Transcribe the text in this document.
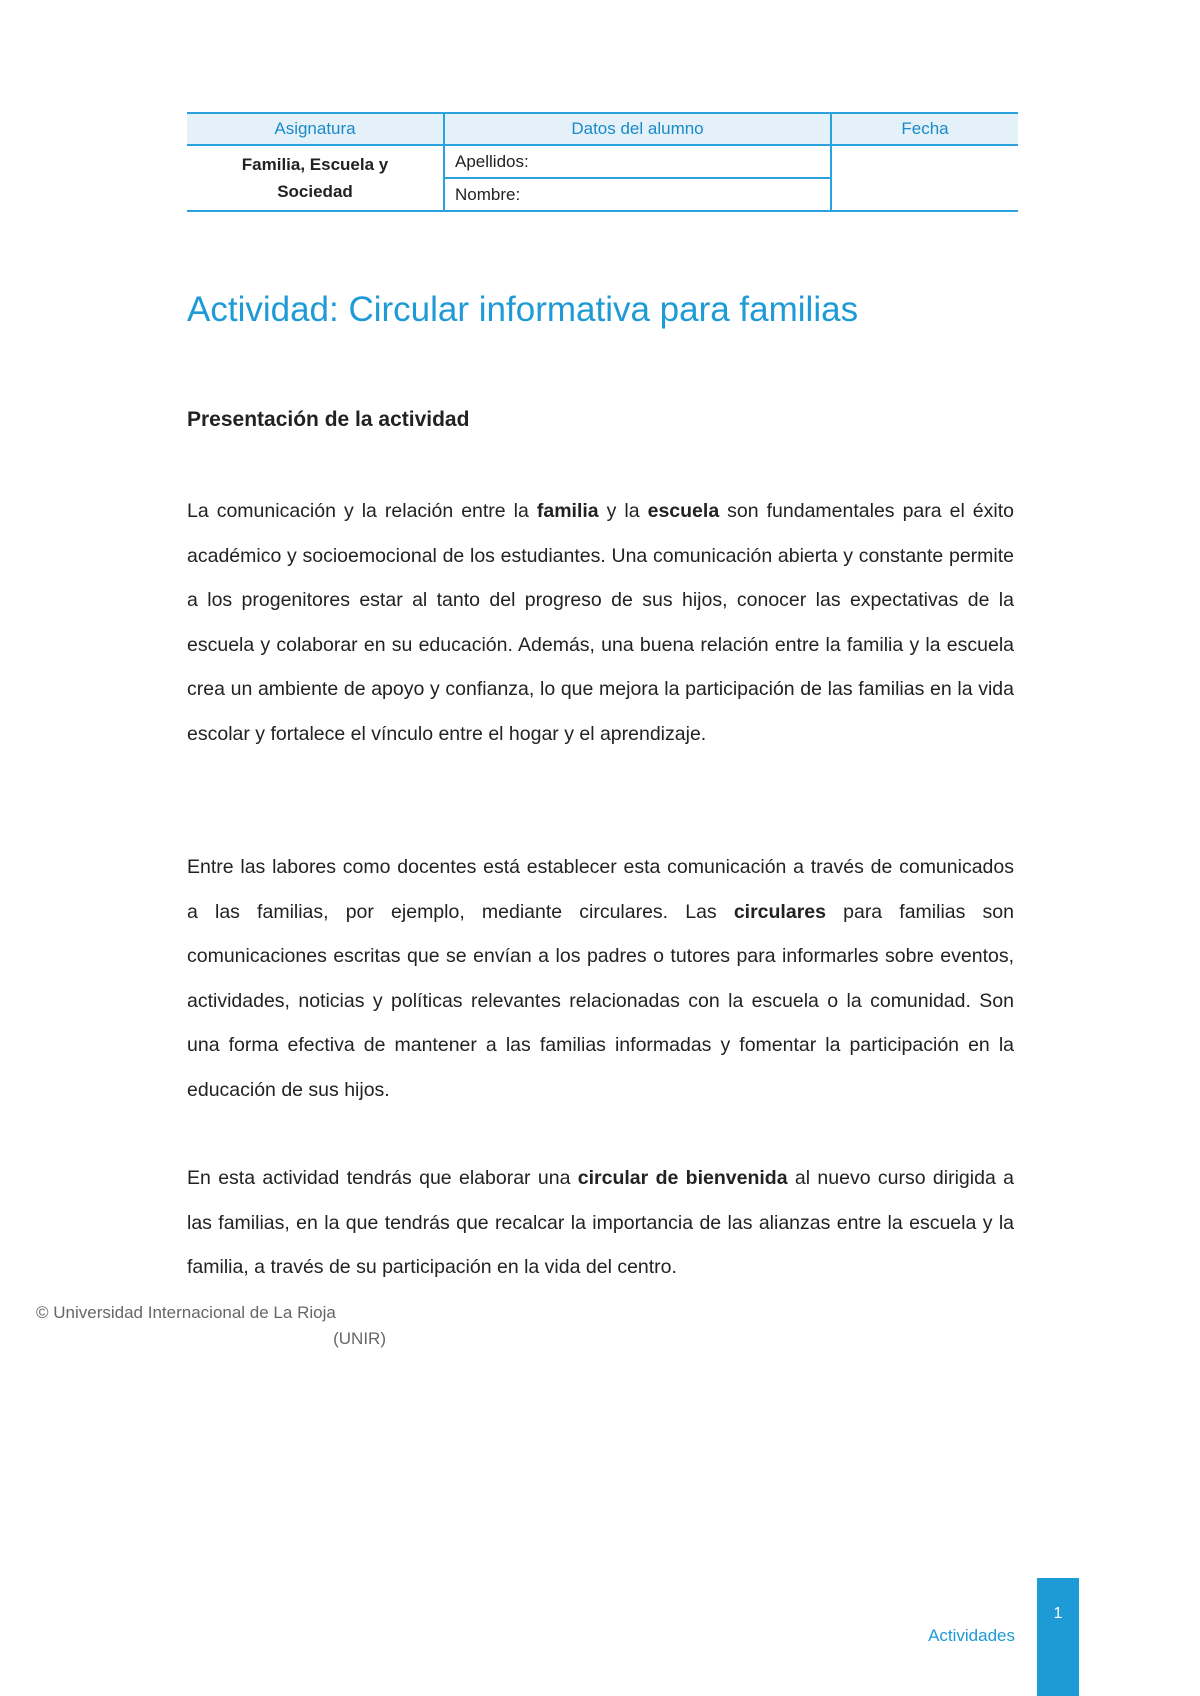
Asignatura	Datos del alumno	Fecha
Familia, Escuela y
Sociedad	Apellidos:	
	Nombre:	
Actividad: Circular informativa para familias
Presentación de la actividad

La comunicación y la relación entre la familia y la escuela son fundamentales para el éxito académico y socioemocional de los estudiantes. Una comunicación abierta y constante permite a los progenitores estar al tanto del progreso de sus hijos, conocer las expectativas de la escuela y colaborar en su educación. Además, una buena relación entre la familia y la escuela crea un ambiente de apoyo y confianza, lo que mejora la participación de las familias en la vida escolar y fortalece el vínculo entre el hogar y el aprendizaje.

Entre las labores como docentes está establecer esta comunicación a través de comunicados a las familias, por ejemplo, mediante circulares. Las circulares para familias son comunicaciones escritas que se envían a los padres o tutores para informarles sobre eventos, actividades, noticias y políticas relevantes relacionadas con la escuela o la comunidad. Son una forma efectiva de mantener a las familias informadas y fomentar la participación en la educación de sus hijos.

En esta actividad tendrás que elaborar una circular de bienvenida al nuevo curso dirigida a las familias, en la que tendrás que recalcar la importancia de las alianzas entre la escuela y la familia, a través de su participación en la vida del centro.

© Universidad Internacional de La Rioja
(UNIR)
Actividades
1
